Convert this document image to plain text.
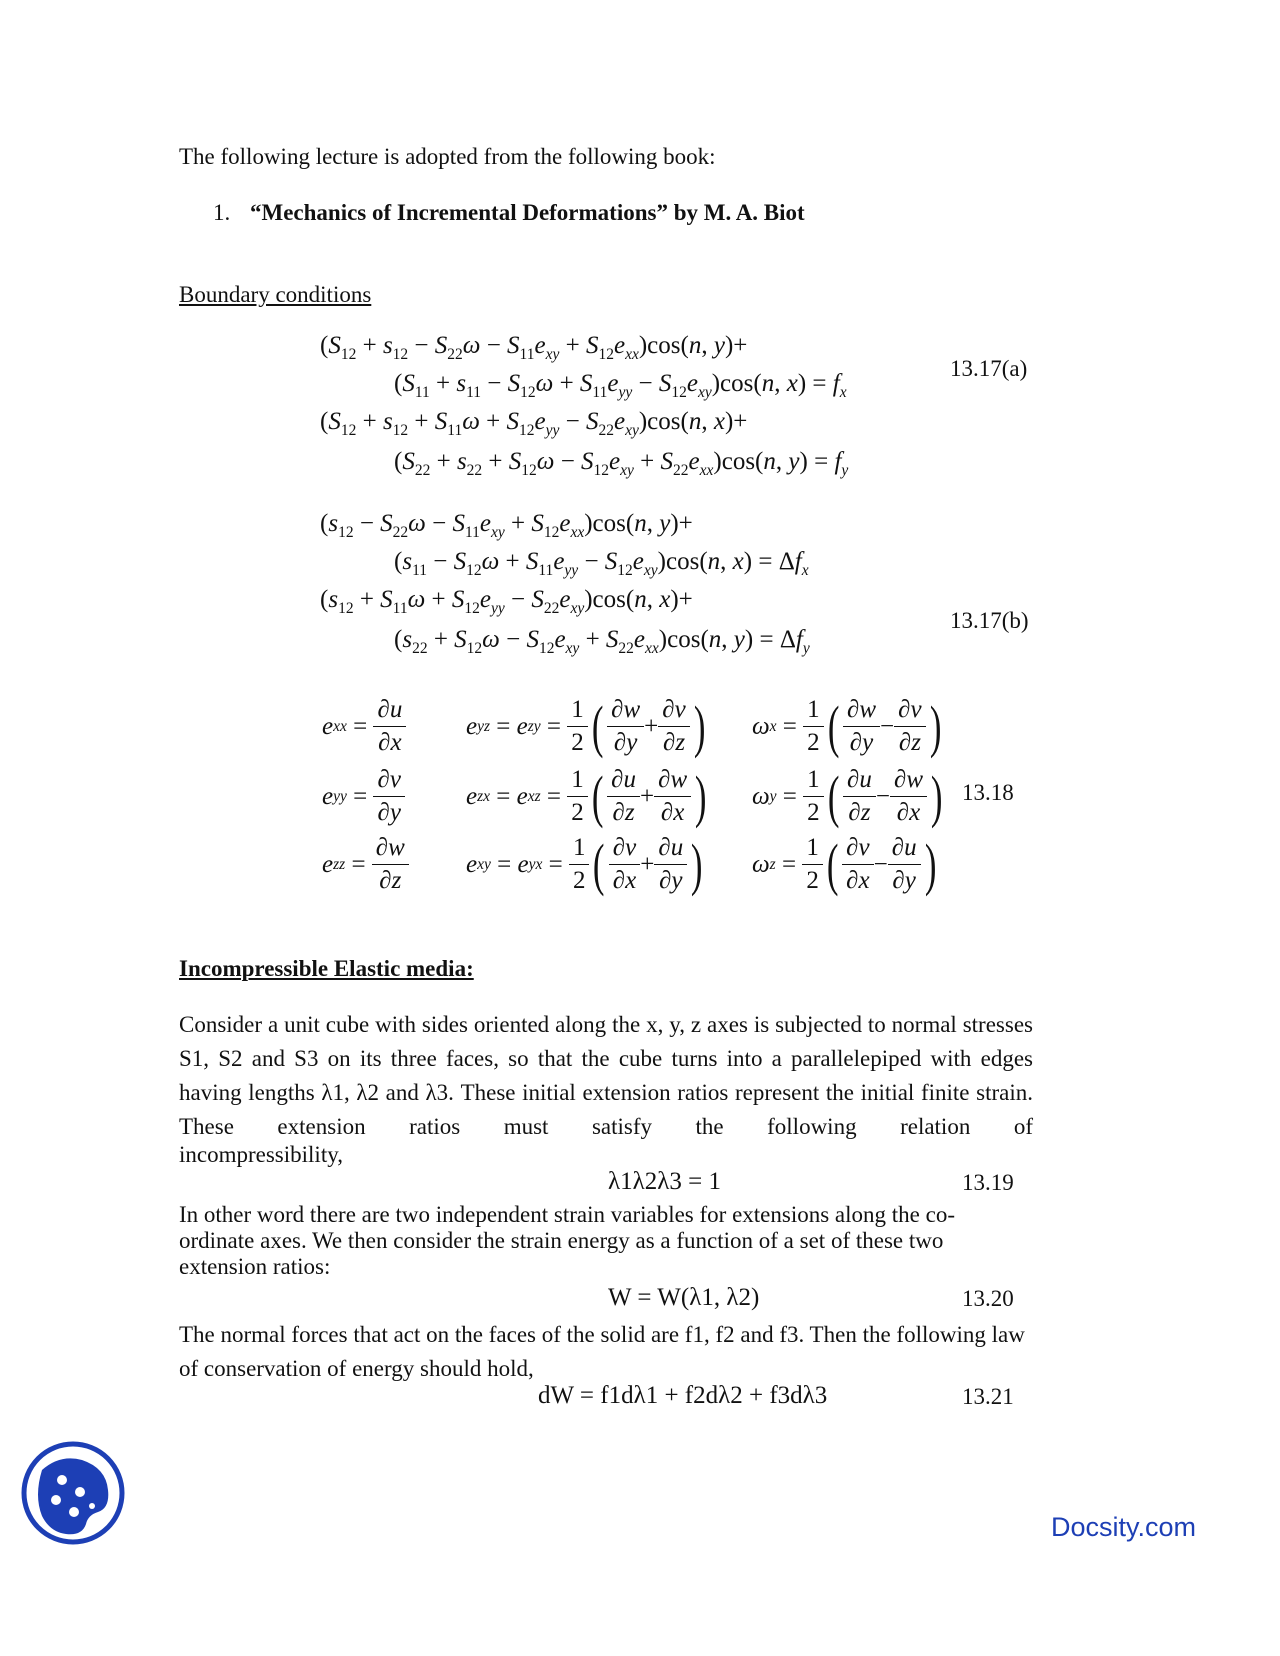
The following lecture is adopted from the following book:
1. “Mechanics of Incremental Deformations” by M. A. Biot
Boundary conditions
$(S_{12} + s_{12} - S_{22}\omega - S_{11}e_{xy} + S_{12}e_{xx})\cos(n$, y)+
$(S_{11} + s_{11} - S_{12}\omega + S_{11}e_{yy} - S_{12}e_{xy})\cos(n$, $x) = f_x$
$(S_{12} + s_{12} + S_{11}\omega + S_{12}e_{yy} - S_{22}e_{xy})\cos(n$, x)+
$(S_{22} + s_{22} + S_{12}\omega - S_{12}e_{xy} + S_{22}e_{xx})\cos(n$, $y) = f_y$
13.17(a)
$(s_{12} - S_{22}\omega - S_{11}e_{xy} + S_{12}e_{xx})\cos(n$, y)+
$(s_{11} - S_{12}\omega + S_{11}e_{yy} - S_{12}e_{xy})\cos(n$, $x) = \Delta f_x$
$(s_{12} + S_{11}\omega + S_{12}e_{yy} - S_{22}e_{xy})\cos(n$, x)+
$(s_{22} + S_{12}\omega - S_{12}e_{xy} + S_{22}e_{xx})\cos(n$, $y) = \Delta f_y$
13.17(b)
e xx = $\frac{\partial u}{\partial x}$ e yz = e zy = $\frac{1}{2}$ ( $\frac{\partial w}{\partial y} + \frac{\partial v}{\partial z}$ ) ω $x = \frac{1}{2}$ ( $\frac{\partial w}{\partial y} - \frac{\partial v}{\partial z}$ )
e yy = $\frac{\partial v}{\partial y}$ e zx = e xz = $\frac{1}{2}$ ( $\frac{\partial u}{\partial z} + \frac{\partial w}{\partial x}$ ) ω $y = \frac{1}{2}$ ( $\frac{\partial u}{\partial z} - \frac{\partial w}{\partial x}$ ) 13.18
e zz = $\frac{\partial w}{\partial z}$ e xy = e yx = $\frac{1}{2}$ ( $\frac{\partial v}{\partial x} + \frac{\partial u}{\partial y}$ ) ω $z = \frac{1}{2}$ ( $\frac{\partial v}{\partial x} - \frac{\partial u}{\partial y}$ )
Incompressible Elastic media:
Consider a unit cube with sides oriented along the x, y, z axes is subjected to normal stresses S1, S2 and S3 on its three faces, so that the cube turns into a parallelepiped with edges having lengths λ1, λ2 and λ3. These initial extension ratios represent the initial finite strain. These extension ratios must satisfy the following relation of
incompressibility,
λ1λ2λ3 = 1	13.19
In other word there are two independent strain variables for extensions along the co-ordinate axes. We then consider the strain energy as a function of a set of these two extension ratios:
W = W(λ1, λ2)	13.20
The normal forces that act on the faces of the solid are f1, f2 and f3. Then the following law of conservation of energy should hold,
dW = f1dλ1 + f2dλ2 + f3dλ3	13.21
Docsity.com
